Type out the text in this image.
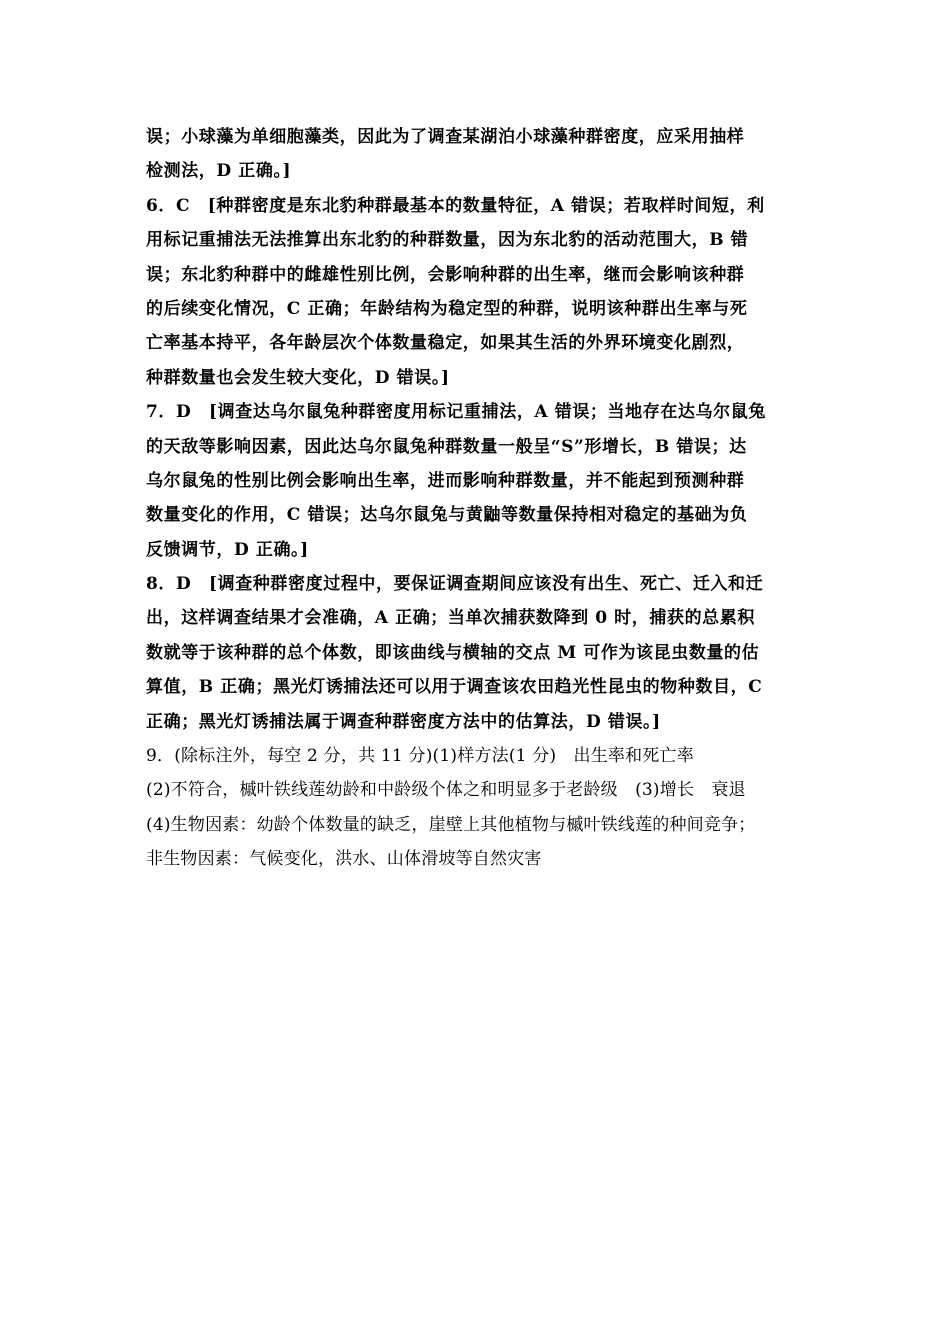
误；小球藻为单细胞藻类，因此为了调查某湖泊小球藻种群密度，应采用抽样
检测法，D 正确。]
6．C　[种群密度是东北豹种群最基本的数量特征，A 错误；若取样时间短，利
用标记重捕法无法推算出东北豹的种群数量，因为东北豹的活动范围大，B 错
误；东北豹种群中的雌雄性别比例，会影响种群的出生率，继而会影响该种群
的后续变化情况，C 正确；年龄结构为稳定型的种群，说明该种群出生率与死
亡率基本持平，各年龄层次个体数量稳定，如果其生活的外界环境变化剧烈，
种群数量也会发生较大变化，D 错误。]
7．D　[调查达乌尔鼠兔种群密度用标记重捕法，A 错误；当地存在达乌尔鼠兔
的天敌等影响因素，因此达乌尔鼠兔种群数量一般呈“S”形增长，B 错误；达
乌尔鼠兔的性别比例会影响出生率，进而影响种群数量，并不能起到预测种群
数量变化的作用，C 错误；达乌尔鼠兔与黄鼬等数量保持相对稳定的基础为负
反馈调节，D 正确。]
8．D　[调查种群密度过程中，要保证调查期间应该没有出生、死亡、迁入和迁
出，这样调查结果才会准确，A 正确；当单次捕获数降到 0 时，捕获的总累积
数就等于该种群的总个体数，即该曲线与横轴的交点 M 可作为该昆虫数量的估
算值，B 正确；黑光灯诱捕法还可以用于调查该农田趋光性昆虫的物种数目，C
正确；黑光灯诱捕法属于调查种群密度方法中的估算法，D 错误。]
9．(除标注外，每空 2 分，共 11 分)(1)样方法(1 分)　出生率和死亡率
(2)不符合，槭叶铁线莲幼龄和中龄级个体之和明显多于老龄级　(3)增长　衰退
(4)生物因素：幼龄个体数量的缺乏，崖壁上其他植物与槭叶铁线莲的种间竞争；
非生物因素：气候变化，洪水、山体滑坡等自然灾害
